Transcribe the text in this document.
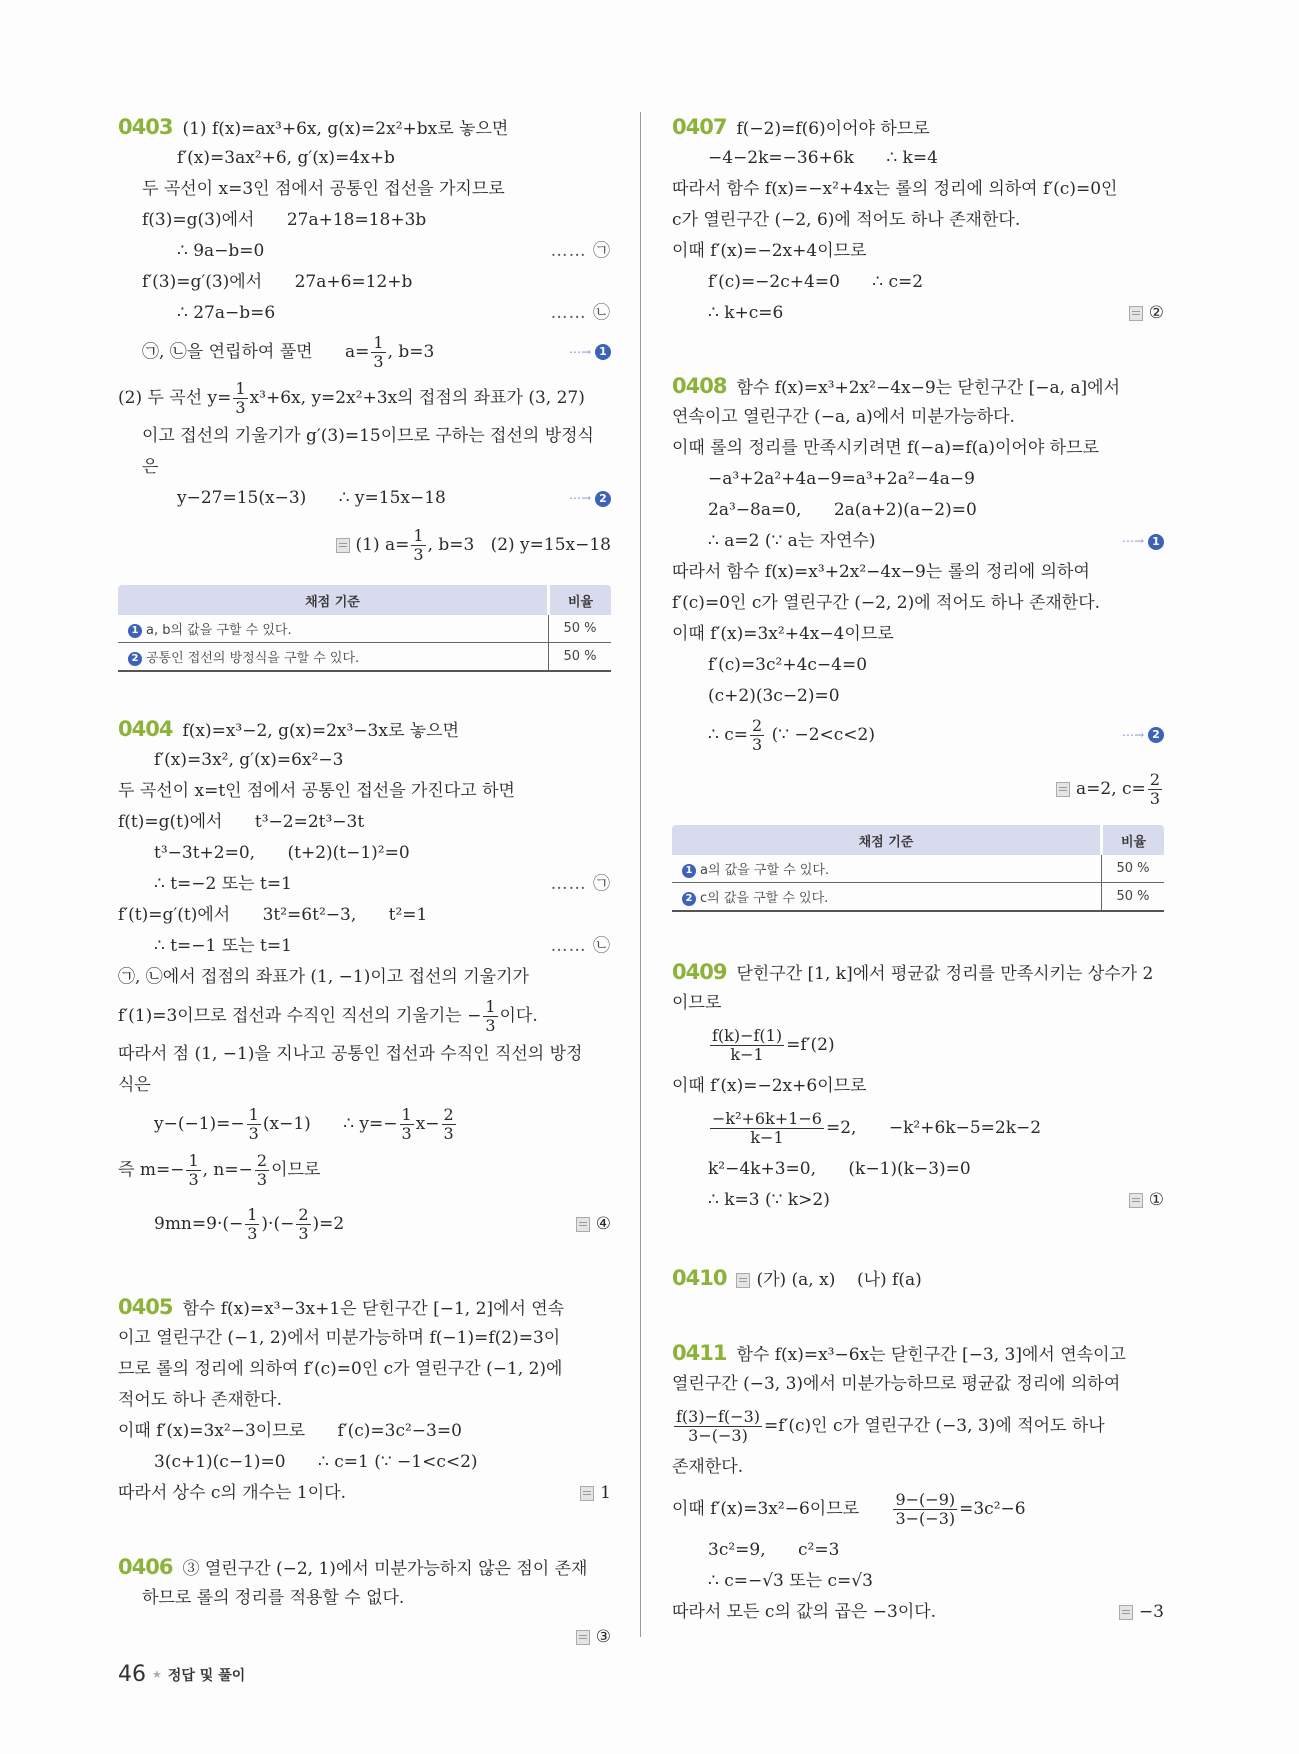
0403 (1) f(x)=ax³+6x, g(x)=2x²+bx로 놓으면
f′(x)=3ax²+6, g′(x)=4x+b
두 곡선이 x=3인 점에서 공통인 접선을 가지므로
f(3)=g(3)에서      27a+18=18+3b
∴ 9a−b=0	…… ㉠
f′(3)=g′(3)에서      27a+6=12+b
∴ 27a−b=6	…… ㉡
㉠, ㉡을 연립하여 풀면      $a= \frac{1}{3}$ , b=3	⋯→ 1
(2) 두 곡선 $y= \frac{1}{3} x^3+6x$, y=2x²+3x의 접점의 좌표가 (3, 27)
이고 접선의 기울기가 g′(3)=15이므로 구하는 접선의 방정식
은
y−27=15(x−3)      ∴ y=15x−18	⋯→ 2
(1) $a= \frac{1}{3}$ , b=3   (2) y=15x−18
0404 f(x)=x³−2, g(x)=2x³−3x로 놓으면
f′(x)=3x², g′(x)=6x²−3
두 곡선이 x=t인 점에서 공통인 접선을 가진다고 하면
f(t)=g(t)에서      t³−2=2t³−3t
t³−3t+2=0,      (t+2)(t−1)²=0
∴ t=−2 또는 t=1	…… ㉠
f′(t)=g′(t)에서      3t²=6t²−3,      t²=1
∴ t=−1 또는 t=1	…… ㉡
㉠, ㉡에서 접점의 좌표가 (1, −1)이고 접선의 기울기가
f′(1)=3이므로 접선과 수직인 직선의 기울기는 − $\frac{1}{3}$ 이다.
따라서 점 (1, −1)을 지나고 공통인 접선과 수직인 직선의 방정
식은
$y-(-1)=- \frac{1}{3} (x-1)$      ∴ $y=- \frac{1}{3} x- \frac{2}{3}$
즉 $m=- \frac{1}{3}$ , $n=- \frac{2}{3}$ 이므로
$9mn=9\cdot(- \frac{1}{3}$ )·(− $\frac{2}{3} )=2$	④
0405 함수 f(x)=x³−3x+1은 닫힌구간 [−1, 2]에서 연속
이고 열린구간 (−1, 2)에서 미분가능하며 f(−1)=f(2)=3이
므로 롤의 정리에 의하여 f′(c)=0인 c가 열린구간 (−1, 2)에
적어도 하나 존재한다.
이때 f′(x)=3x²−3이므로      f′(c)=3c²−3=0
3(c+1)(c−1)=0      ∴ c=1 (∵ −1<c<2)
따라서 상수 c의 개수는 1이다.	1
0406 ③ 열린구간 (−2, 1)에서 미분가능하지 않은 점이 존재
하므로 롤의 정리를 적용할 수 없다.
③
0407 f(−2)=f(6)이어야 하므로
−4−2k=−36+6k      ∴ k=4
따라서 함수 f(x)=−x²+4x는 롤의 정리에 의하여 f′(c)=0인
c가 열린구간 (−2, 6)에 적어도 하나 존재한다.
이때 f′(x)=−2x+4이므로
f′(c)=−2c+4=0      ∴ c=2
∴ k+c=6	②
0408 함수 f(x)=x³+2x²−4x−9는 닫힌구간 [−a, a]에서
연속이고 열린구간 (−a, a)에서 미분가능하다.
이때 롤의 정리를 만족시키려면 f(−a)=f(a)이어야 하므로
−a³+2a²+4a−9=a³+2a²−4a−9
2a³−8a=0,      2a(a+2)(a−2)=0
∴ a=2 (∵ a는 자연수)	⋯→ 1
따라서 함수 f(x)=x³+2x²−4x−9는 롤의 정리에 의하여
f′(c)=0인 c가 열린구간 (−2, 2)에 적어도 하나 존재한다.
이때 f′(x)=3x²+4x−4이므로
f′(c)=3c²+4c−4=0
(c+2)(3c−2)=0
∴ $c= \frac{2}{3}$ (∵ −2<c<2)	⋯→ 2
a=2, $c= \frac{2}{3}$
0409 닫힌구간 [1, k]에서 평균값 정리를 만족시키는 상수가 2
이므로
$\frac{f(k)-f(1)}{k-1} =f'(2)$
이때 f′(x)=−2x+6이므로
$\frac{\text{−k²+6k+1−6}}{k-1} =2$,      −k²+6k−5=2k−2
k²−4k+3=0,      (k−1)(k−3)=0
∴ k=3 (∵ k>2)	①
0410 (가) (a, x)    (나) f(a)
0411 함수 f(x)=x³−6x는 닫힌구간 [−3, 3]에서 연속이고
열린구간 (−3, 3)에서 미분가능하므로 평균값 정리에 의하여
$\frac{f(3)-f(-3)}{3-(-3)} =f'(c)$인 c가 열린구간 (−3, 3)에 적어도 하나
존재한다.
이때 f′(x)=3x²−6이므로 $\frac{9-(-9)}{3-(-3)} =3c^2-6$
3c²=9,      c²=3
∴ c=−√3 또는 c=√3
따라서 모든 c의 값의 곱은 −3이다.	−3
46 ★ 정답 및 풀이
채점 기준	비율
1 a, b의 값을 구할 수 있다.	50 %
2 공통인 접선의 방정식을 구할 수 있다.	50 %
채점 기준	비율
1 a의 값을 구할 수 있다.	50 %
2 c의 값을 구할 수 있다.	50 %
